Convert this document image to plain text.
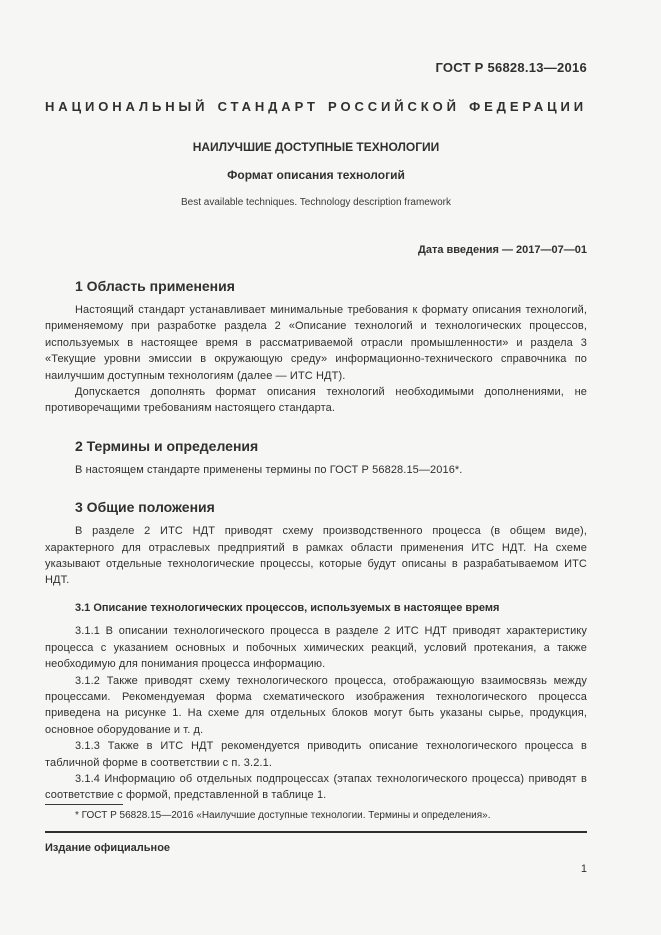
ГОСТ Р 56828.13—2016
НАЦИОНАЛЬНЫЙ СТАНДАРТ РОССИЙСКОЙ ФЕДЕРАЦИИ
НАИЛУЧШИЕ ДОСТУПНЫЕ ТЕХНОЛОГИИ
Формат описания технологий
Best available techniques. Technology description framework
Дата введения — 2017—07—01
1 Область применения

Настоящий стандарт устанавливает минимальные требования к формату описания технологий, применяемому при разработке раздела 2 «Описание технологий и технологических процессов, используемых в настоящее время в рассматриваемой отрасли промышленности» и раздела 3 «Текущие уровни эмиссии в окружающую среду» информационно-технического справочника по наилучшим доступным технологиям (далее — ИТС НДТ).

Допускается дополнять формат описания технологий необходимыми дополнениями, не противоречащими требованиям настоящего стандарта.

2 Термины и определения

В настоящем стандарте применены термины по ГОСТ Р 56828.15—2016*.

3 Общие положения

В разделе 2 ИТС НДТ приводят схему производственного процесса (в общем виде), характерного для отраслевых предприятий в рамках области применения ИТС НДТ. На схеме указывают отдельные технологические процессы, которые будут описаны в разрабатываемом ИТС НДТ.

3.1 Описание технологических процессов, используемых в настоящее время

3.1.1 В описании технологического процесса в разделе 2 ИТС НДТ приводят характеристику процесса с указанием основных и побочных химических реакций, условий протекания, а также необходимую для понимания процесса информацию.

3.1.2 Также приводят схему технологического процесса, отображающую взаимосвязь между процессами. Рекомендуемая форма схематического изображения технологического процесса приведена на рисунке 1. На схеме для отдельных блоков могут быть указаны сырье, продукция, основное оборудование и т. д.

3.1.3 Также в ИТС НДТ рекомендуется приводить описание технологического процесса в табличной форме в соответствии с п. 3.2.1.

3.1.4 Информацию об отдельных подпроцессах (этапах технологического процесса) приводят в соответствие с формой, представленной в таблице 1.

* ГОСТ Р 56828.15—2016 «Наилучшие доступные технологии. Термины и определения».

Издание официальное
1
